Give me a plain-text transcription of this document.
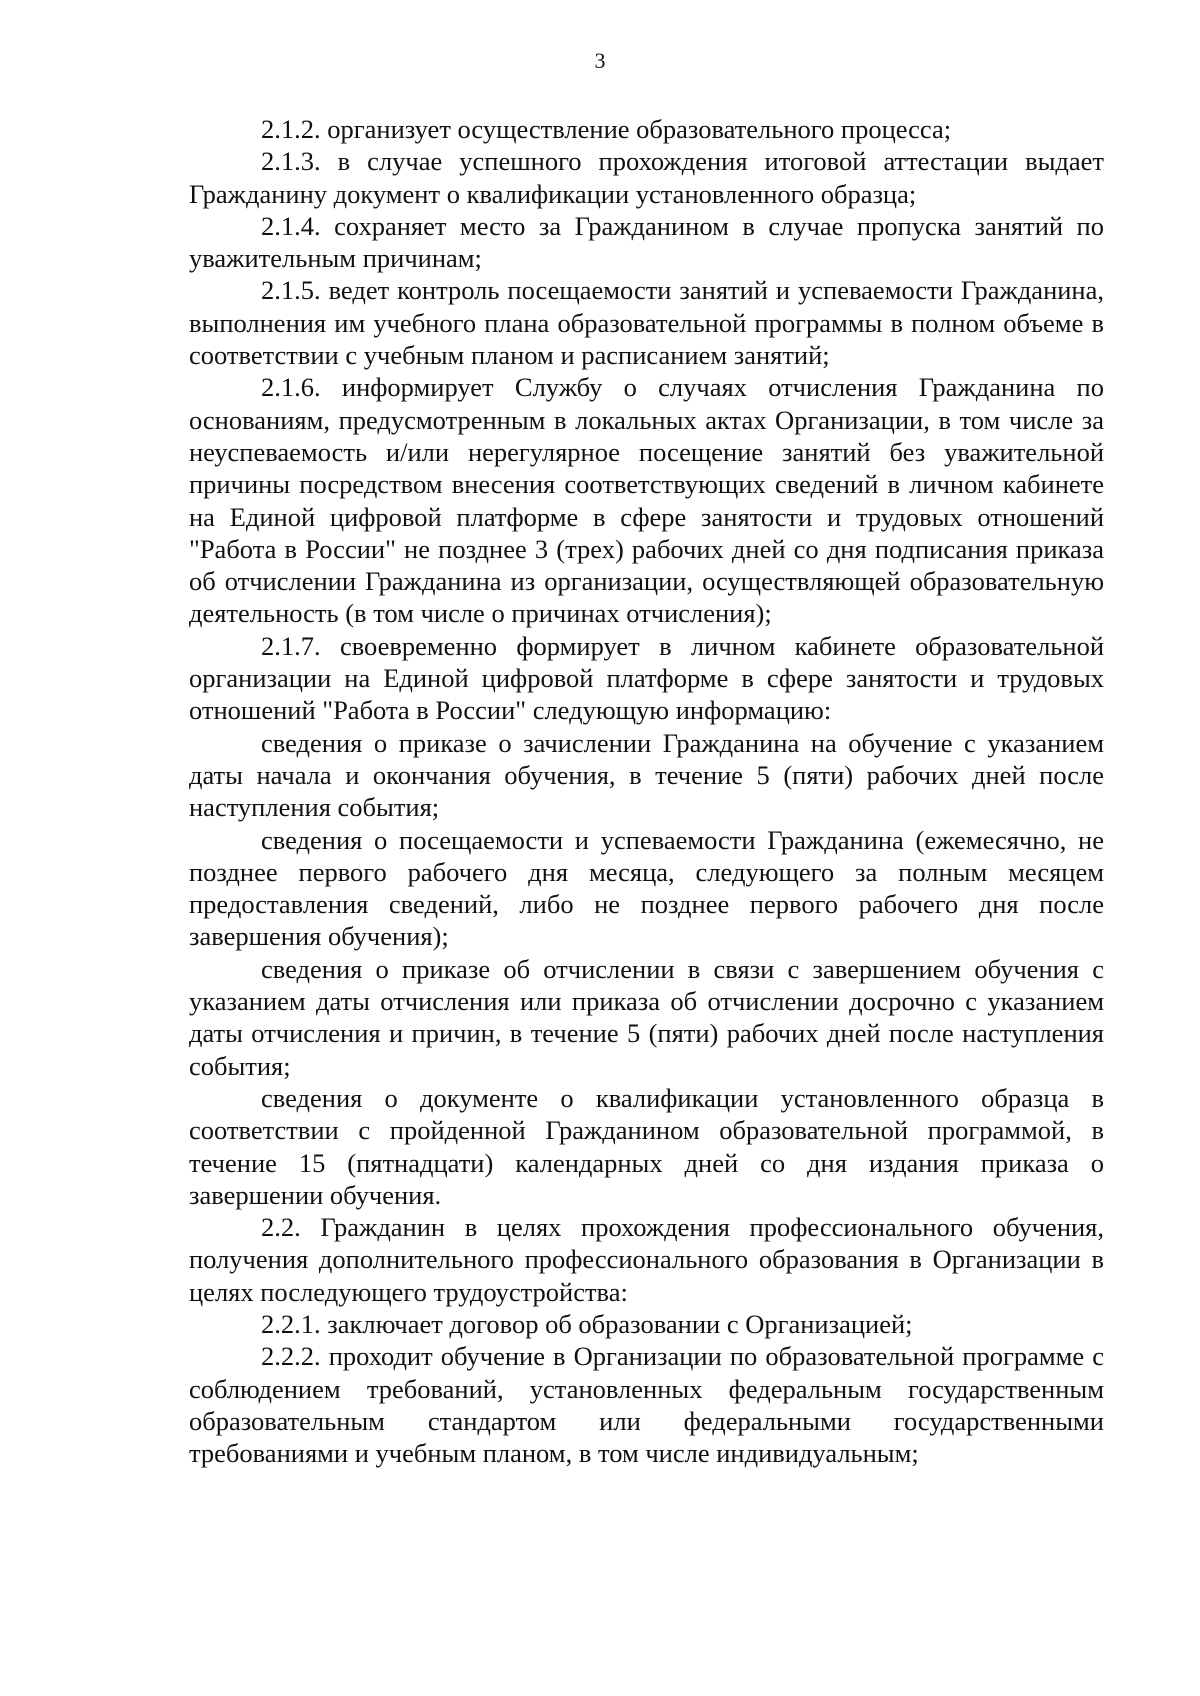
3

2.1.2. организует осуществление образовательного процесса;

2.1.3. в случае успешного прохождения итоговой аттестации выдает Гражданину документ о квалификации установленного образца;

2.1.4. сохраняет место за Гражданином в случае пропуска занятий по уважительным причинам;

2.1.5. ведет контроль посещаемости занятий и успеваемости Гражданина, выполнения им учебного плана образовательной программы в полном объеме в соответствии с учебным планом и расписанием занятий;

2.1.6. информирует Службу о случаях отчисления Гражданина по основаниям, предусмотренным в локальных актах Организации, в том числе за неуспеваемость и/или нерегулярное посещение занятий без уважительной причины посредством внесения соответствующих сведений в личном кабинете на Единой цифровой платформе в сфере занятости и трудовых отношений "Работа в России" не позднее 3 (трех) рабочих дней со дня подписания приказа об отчислении Гражданина из организации, осуществляющей образовательную деятельность (в том числе о причинах отчисления);

2.1.7. своевременно формирует в личном кабинете образовательной организации на Единой цифровой платформе в сфере занятости и трудовых отношений "Работа в России" следующую информацию:

сведения о приказе о зачислении Гражданина на обучение с указанием даты начала и окончания обучения, в течение 5 (пяти) рабочих дней после наступления события;

сведения о посещаемости и успеваемости Гражданина (ежемесячно, не позднее первого рабочего дня месяца, следующего за полным месяцем предоставления сведений, либо не позднее первого рабочего дня после завершения обучения);

сведения о приказе об отчислении в связи с завершением обучения с указанием даты отчисления или приказа об отчислении досрочно с указанием даты отчисления и причин, в течение 5 (пяти) рабочих дней после наступления события;

сведения о документе о квалификации установленного образца в соответствии с пройденной Гражданином образовательной программой, в течение 15 (пятнадцати) календарных дней со дня издания приказа о завершении обучения.

2.2. Гражданин в целях прохождения профессионального обучения, получения дополнительного профессионального образования в Организации в целях последующего трудоустройства:

2.2.1. заключает договор об образовании с Организацией;

2.2.2. проходит обучение в Организации по образовательной программе с соблюдением требований, установленных федеральным государственным образовательным стандартом или федеральными государственными требованиями и учебным планом, в том числе индивидуальным;
